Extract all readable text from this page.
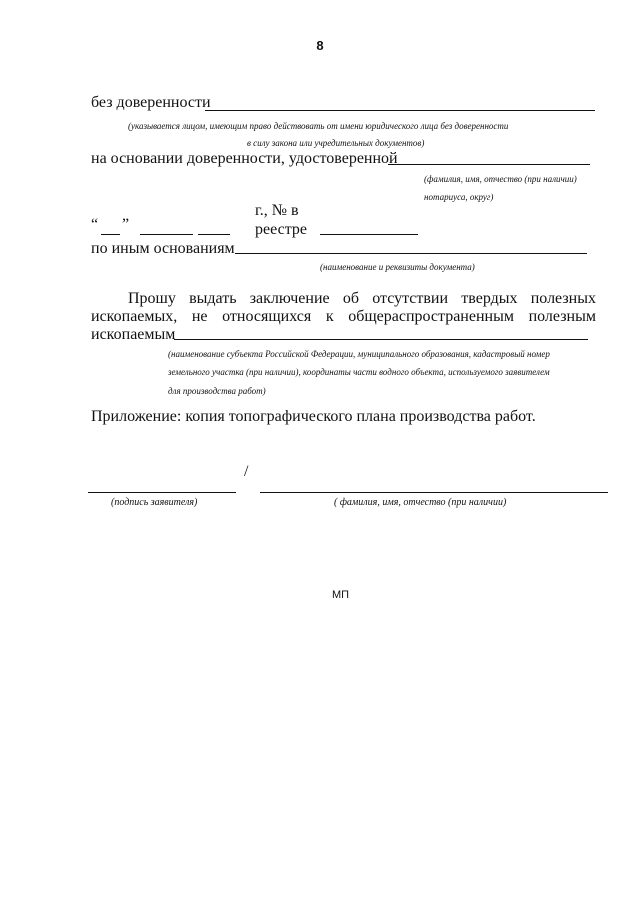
8
без доверенности
(указывается лицом, имеющим право действовать от имени юридического лица без доверенности
в силу закона или учредительных документов)
на основании доверенности, удостоверенной
(фамилия, имя, отчество (при наличии)
нотариуса, округ)
г., № в
“ ”	реестре
по иным основаниям
(наименование и реквизиты документа)
Прошу выдать заключение об отсутствии твердых полезных
ископаемых, не относящихся к общераспространенным полезным
ископаемым
(наименование субъекта Российской Федерации, муниципального образования, кадастровый номер
земельного участка (при наличии), координаты части водного объекта, используемого заявителем
для производства работ)
Приложение: копия топографического плана производства работ.
/
(подпись заявителя)	( фамилия, имя, отчество (при наличии)
МП
